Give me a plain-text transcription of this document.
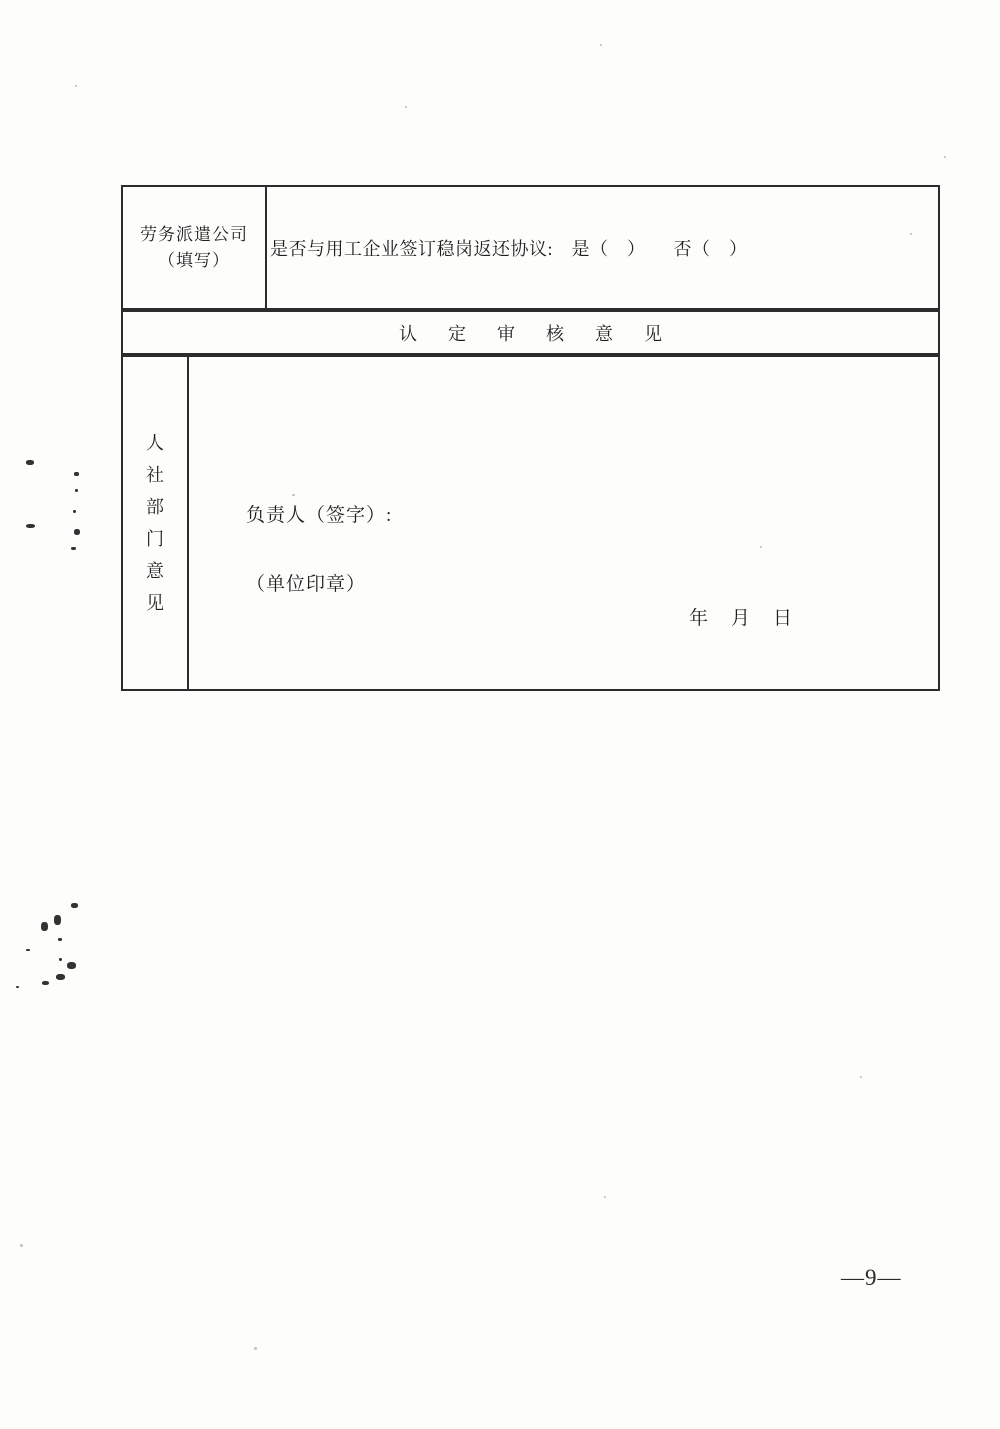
劳务派遣公司
（填写）
是否与用工企业签订稳岗返还协议:　是（　）　　否（　）
认定审核意见
人
社
部
门
意
见
负责人（签字）:
（单位印章）
年　月　日
—9—
